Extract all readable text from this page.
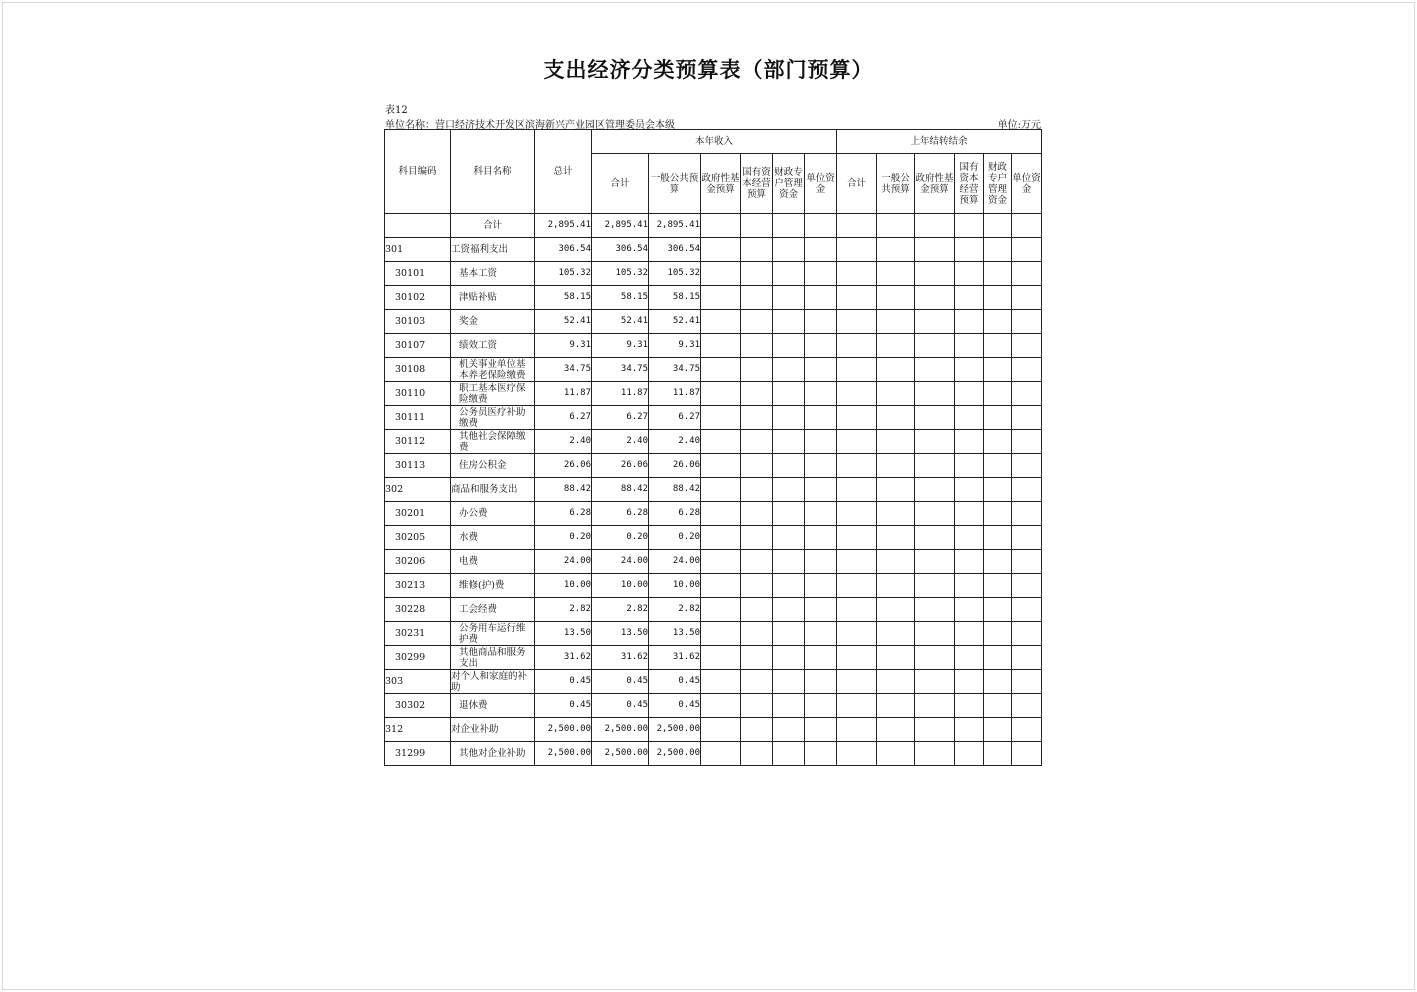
支出经济分类预算表（部门预算）
表12
单位名称：营口经济技术开发区滨海新兴产业园区管理委员会本级	单位:万元
科目编码	科目名称	总计	本年收入						上年结转结余					
			合计	一般公共预算	政府性基金预算	国有资本经营预算	财政专户管理资金	单位资金	合计	一般公共预算	政府性基金预算	国有资本经营预算	财政专户管理资金	单位资金

	合计	2,895.41	2,895.41	2,895.41										
301	工资福利支出	306.54	306.54	306.54										
30101	基本工资	105.32	105.32	105.32										
30102	津贴补贴	58.15	58.15	58.15										
30103	奖金	52.41	52.41	52.41										
30107	绩效工资	9.31	9.31	9.31										
30108	机关事业单位基本养老保险缴费	34.75	34.75	34.75										
30110	职工基本医疗保险缴费	11.87	11.87	11.87										
30111	公务员医疗补助缴费	6.27	6.27	6.27										
30112	其他社会保障缴费	2.40	2.40	2.40										
30113	住房公积金	26.06	26.06	26.06										
302	商品和服务支出	88.42	88.42	88.42										
30201	办公费	6.28	6.28	6.28										
30205	水费	0.20	0.20	0.20										
30206	电费	24.00	24.00	24.00										
30213	维修(护)费	10.00	10.00	10.00										
30228	工会经费	2.82	2.82	2.82										
30231	公务用车运行维护费	13.50	13.50	13.50										
30299	其他商品和服务支出	31.62	31.62	31.62										
303	对个人和家庭的补助	0.45	0.45	0.45										
30302	退休费	0.45	0.45	0.45										
312	对企业补助	2,500.00	2,500.00	2,500.00										
31299	其他对企业补助	2,500.00	2,500.00	2,500.00										
